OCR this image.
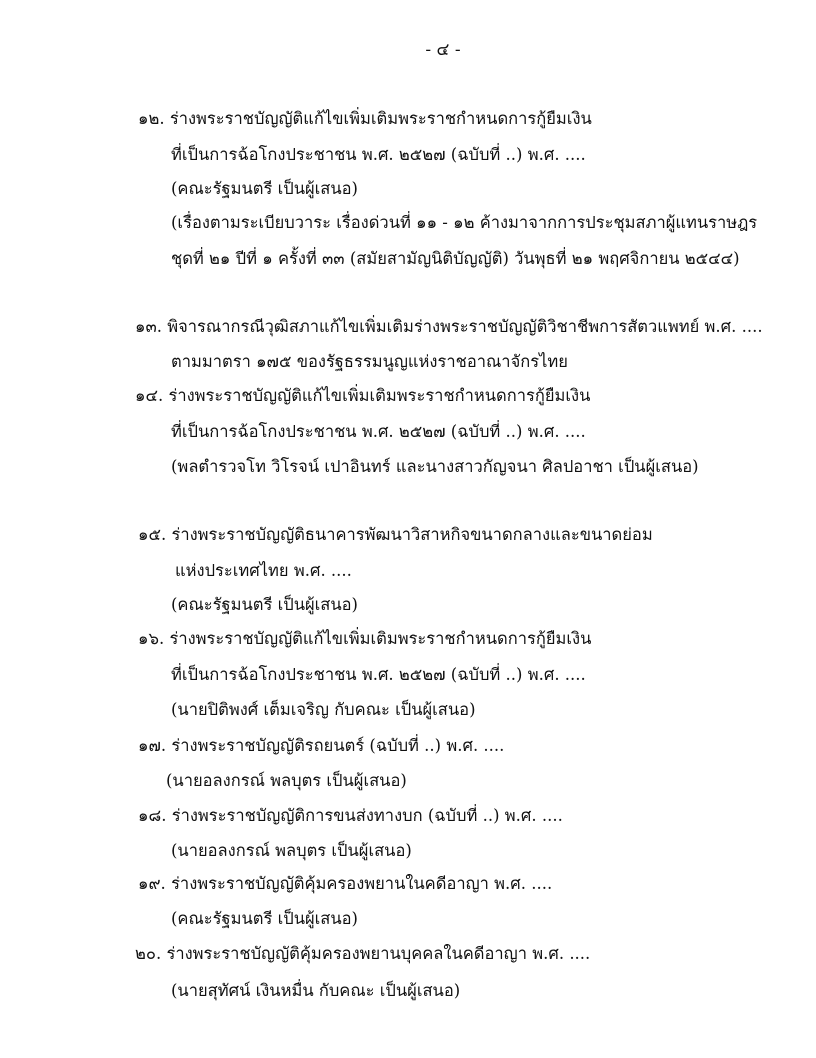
- ๔ -
๑๒. ร่างพระราชบัญญัติแก้ไขเพิ่มเติมพระราชกำหนดการกู้ยืมเงิน
ที่เป็นการฉ้อโกงประชาชน พ.ศ. ๒๕๒๗ (ฉบับที่ ..) พ.ศ. ....
(คณะรัฐมนตรี เป็นผู้เสนอ)
(เรื่องตามระเบียบวาระ เรื่องด่วนที่ ๑๑ - ๑๒ ค้างมาจากการประชุมสภาผู้แทนราษฎร
ชุดที่ ๒๑ ปีที่ ๑ ครั้งที่ ๓๓ (สมัยสามัญนิติบัญญัติ) วันพุธที่ ๒๑ พฤศจิกายน ๒๕๔๔)
๑๓. พิจารณากรณีวุฒิสภาแก้ไขเพิ่มเติมร่างพระราชบัญญัติวิชาชีพการสัตวแพทย์ พ.ศ. ....
ตามมาตรา ๑๗๕ ของรัฐธรรมนูญแห่งราชอาณาจักรไทย
๑๔. ร่างพระราชบัญญัติแก้ไขเพิ่มเติมพระราชกำหนดการกู้ยืมเงิน
ที่เป็นการฉ้อโกงประชาชน พ.ศ. ๒๕๒๗ (ฉบับที่ ..) พ.ศ. ....
(พลตำรวจโท วิโรจน์ เปาอินทร์ และนางสาวกัญจนา ศิลปอาชา เป็นผู้เสนอ)
๑๕. ร่างพระราชบัญญัติธนาคารพัฒนาวิสาหกิจขนาดกลางและขนาดย่อม
แห่งประเทศไทย พ.ศ. ....
(คณะรัฐมนตรี เป็นผู้เสนอ)
๑๖. ร่างพระราชบัญญัติแก้ไขเพิ่มเติมพระราชกำหนดการกู้ยืมเงิน
ที่เป็นการฉ้อโกงประชาชน พ.ศ. ๒๕๒๗ (ฉบับที่ ..) พ.ศ. ....
(นายปิติพงศ์ เต็มเจริญ กับคณะ เป็นผู้เสนอ)
๑๗. ร่างพระราชบัญญัติรถยนตร์ (ฉบับที่ ..) พ.ศ. ....
(นายอลงกรณ์ พลบุตร เป็นผู้เสนอ)
๑๘. ร่างพระราชบัญญัติการขนส่งทางบก (ฉบับที่ ..) พ.ศ. ....
(นายอลงกรณ์ พลบุตร เป็นผู้เสนอ)
๑๙. ร่างพระราชบัญญัติคุ้มครองพยานในคดีอาญา พ.ศ. ....
(คณะรัฐมนตรี เป็นผู้เสนอ)
๒๐. ร่างพระราชบัญญัติคุ้มครองพยานบุคคลในคดีอาญา พ.ศ. ....
(นายสุทัศน์ เงินหมื่น กับคณะ เป็นผู้เสนอ)
